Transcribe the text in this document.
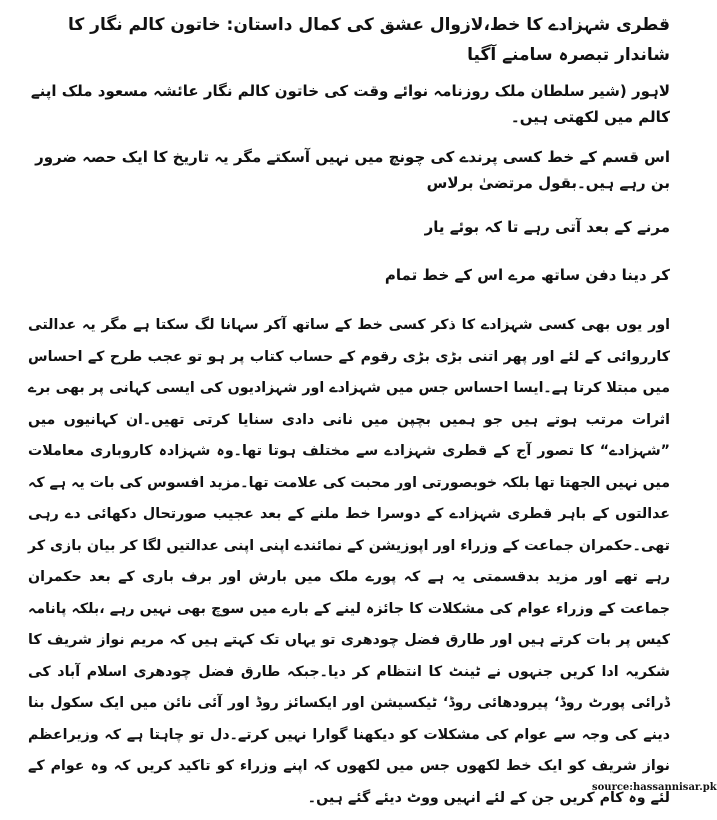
قطری شہزادے کا خط،لازوال عشق کی کمال داستان: خاتون کالم نگار کا شاندار تبصرہ سامنے آگیا
لاہور (شیر سلطان ملک روزنامہ نوائے وقت کی خاتون کالم نگار عائشہ مسعود ملک اپنے کالم میں لکھتی ہیں۔
اس قسم کے خط کسی پرندے کی چونچ میں نہیں آسکتے مگر یہ تاریخ کا ایک حصہ ضرور بن رہے ہیں۔بقول مرتضیٰ برلاس
مرنے کے بعد آتی رہے تا کہ بوئے یار
کر دینا دفن ساتھ مرے اس کے خط تمام

اور یوں بھی کسی شہزادے کا ذکر کسی خط کے ساتھ آکر سہانا لگ سکتا ہے مگر یہ عدالتی کارروائی کے لئے اور پھر اتنی بڑی بڑی رقوم کے حساب کتاب پر ہو تو عجب طرح کے احساس میں مبتلا کرتا ہے۔ایسا احساس جس میں شہزادے اور شہزادیوں کی ایسی کہانی پر بھی برے اثرات مرتب ہوتے ہیں جو ہمیں بچپن میں نانی دادی سنایا کرتی تھیں۔ان کہانیوں میں ”شہزادے“ کا تصور آج کے قطری شہزادے سے مختلف ہوتا تھا۔وہ شہزادہ کاروباری معاملات میں نہیں الجھتا تھا بلکہ خوبصورتی اور محبت کی علامت تھا۔مزید افسوس کی بات یہ ہے کہ عدالتوں کے باہر قطری شہزادے کے دوسرا خط ملنے کے بعد عجیب صورتحال دکھائی دے رہی تھی۔حکمران جماعت کے وزراء اور اپوزیشن کے نمائندے اپنی اپنی عدالتیں لگا کر بیان بازی کر رہے تھے اور مزید بدقسمتی یہ ہے کہ پورے ملک میں بارش اور برف باری کے بعد حکمران جماعت کے وزراء عوام کی مشکلات کا جائزہ لینے کے بارے میں سوچ بھی نہیں رہے ،بلکہ پانامہ کیس پر بات کرتے ہیں اور طارق فضل چودھری تو یہاں تک کہتے ہیں کہ مریم نواز شریف کا شکریہ ادا کریں جنہوں نے ٹینٹ کا انتظام کر دیا۔جبکہ طارق فضل چودھری اسلام آباد کی ڈرائی پورٹ روڈ‘ پیرودھائی روڈ‘ ٹیکسیشن اور ایکسائز روڈ اور آئی نائن میں ایک سکول بنا دینے کی وجہ سے عوام کی مشکلات کو دیکھنا گوارا نہیں کرتے۔دل تو چاہتا ہے کہ وزیراعظم نواز شریف کو ایک خط لکھوں جس میں لکھوں کہ اپنے وزراء کو تاکید کریں کہ وہ عوام کے لئے وہ کام کریں جن کے لئے انہیں ووٹ دیئے گئے ہیں۔

source:hassannisar.pk
